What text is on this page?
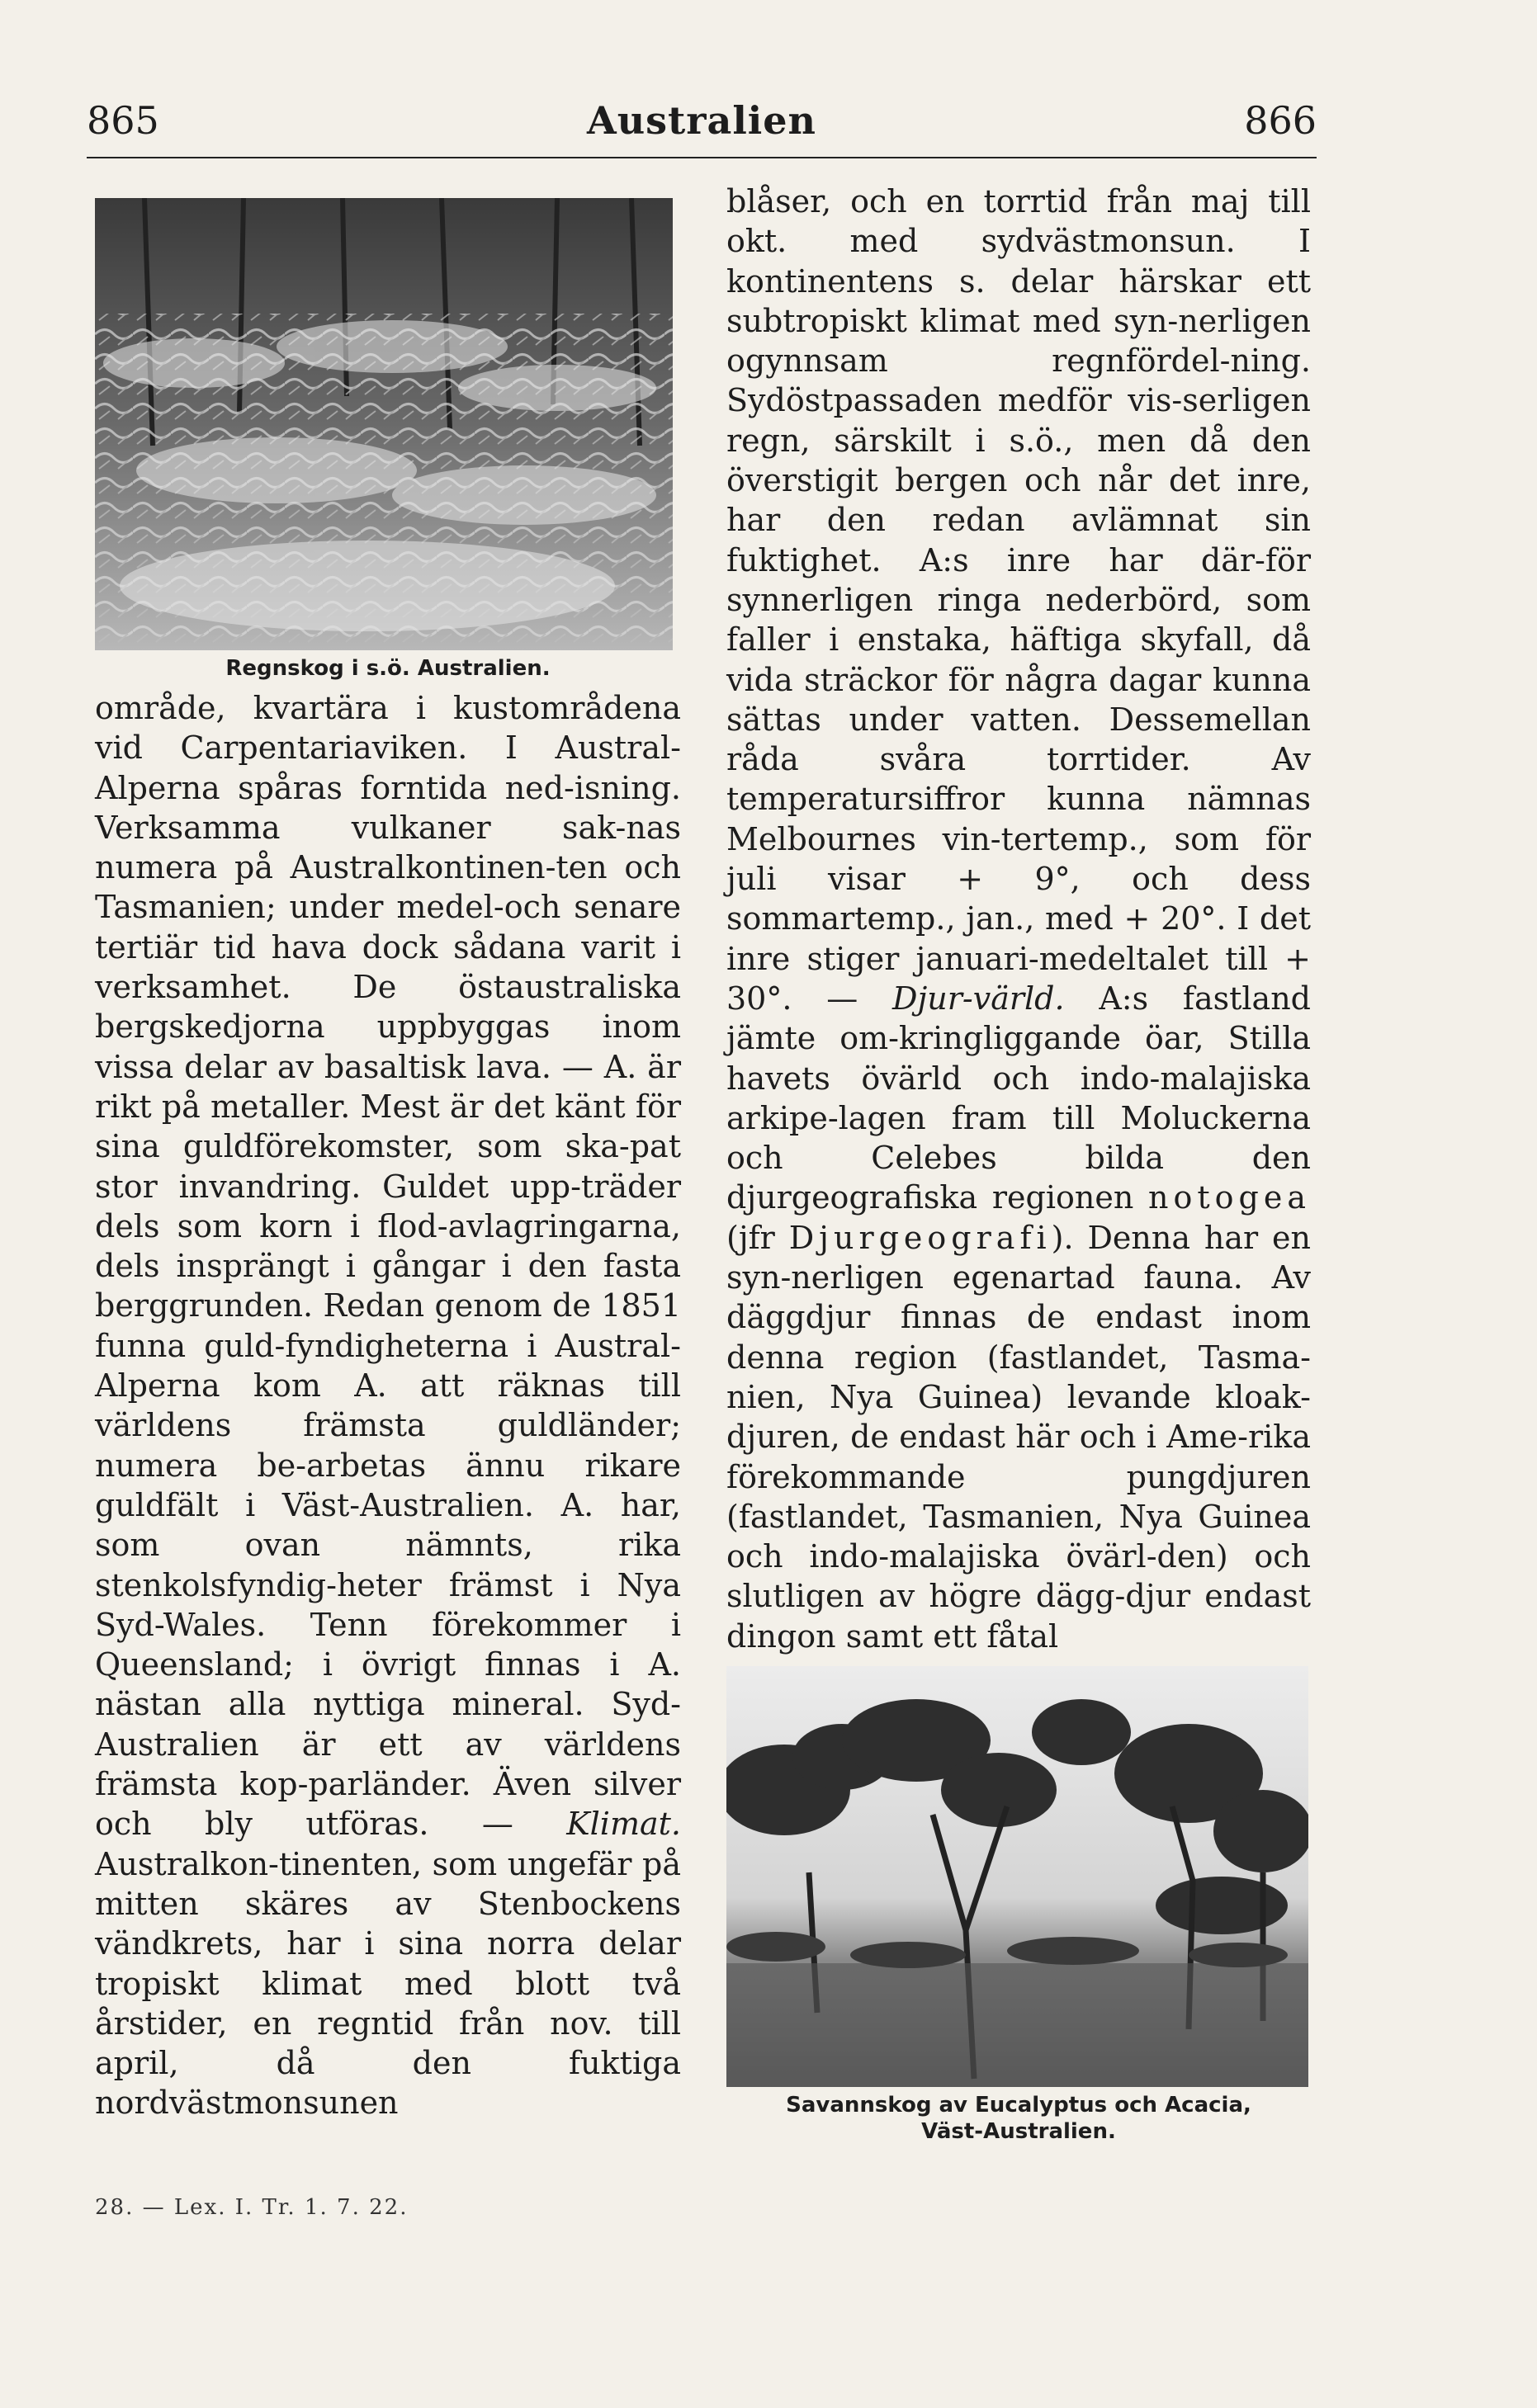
865	Australien	866
Regnskog i s.ö. Australien.

område, kvartära i kustområdena vid Carpentariaviken. I Austral-Alperna spåras forntida ned-isning. Verksamma vulkaner sak-nas numera på Australkontinen-ten och Tasmanien; under medel-och senare tertiär tid hava dock sådana varit i verksamhet. De östaustraliska bergskedjorna uppbyggas inom vissa delar av basaltisk lava. — A. är rikt på metaller. Mest är det känt för sina guldförekomster, som ska-pat stor invandring. Guldet upp-träder dels som korn i flod-avlagringarna, dels insprängt i gångar i den fasta berggrunden. Redan genom de 1851 funna guld-fyndigheterna i Austral-Alperna kom A. att räknas till världens främsta guldländer; numera be-arbetas ännu rikare guldfält i Väst-Australien. A. har, som ovan nämnts, rika stenkolsfyndig-heter främst i Nya Syd-Wales. Tenn förekommer i Queensland; i övrigt finnas i A. nästan alla nyttiga mineral. Syd-Australien är ett av världens främsta kop-parländer. Även silver och bly utföras. — Klimat. Australkon-tinenten, som ungefär på mitten skäres av Stenbockens vändkrets, har i sina norra delar tropiskt klimat med blott två årstider, en regntid från nov. till april, då den fuktiga nordvästmonsunen

blåser, och en torrtid från maj till okt. med sydvästmonsun. I kontinentens s. delar härskar ett subtropiskt klimat med syn-nerligen ogynnsam regnfördel-ning. Sydöstpassaden medför vis-serligen regn, särskilt i s.ö., men då den överstigit bergen och når det inre, har den redan avlämnat sin fuktighet. A:s inre har där-för synnerligen ringa nederbörd, som faller i enstaka, häftiga skyfall, då vida sträckor för några dagar kunna sättas under vatten. Dessemellan råda svåra torrtider. Av temperatursiffror kunna nämnas Melbournes vin-tertemp., som för juli visar + 9°, och dess sommartemp., jan., med + 20°. I det inre stiger januari-medeltalet till + 30°. — Djur-värld. A:s fastland jämte om-kringliggande öar, Stilla havets övärld och indo-malajiska arkipe-lagen fram till Moluckerna och Celebes bilda den djurgeografiska regionen notogea (jfr Djurgeografi). Denna har en syn-nerligen egenartad fauna. Av däggdjur finnas de endast inom denna region (fastlandet, Tasma-nien, Nya Guinea) levande kloak-djuren, de endast här och i Ame-rika förekommande pungdjuren (fastlandet, Tasmanien, Nya Guinea och indo-malajiska övärl-den) och slutligen av högre dägg-djur endast dingon samt ett fåtal

Savannskog av Eucalyptus och Acacia,
Väst-Australien.
28. — Lex. I. Tr. 1. 7. 22.
